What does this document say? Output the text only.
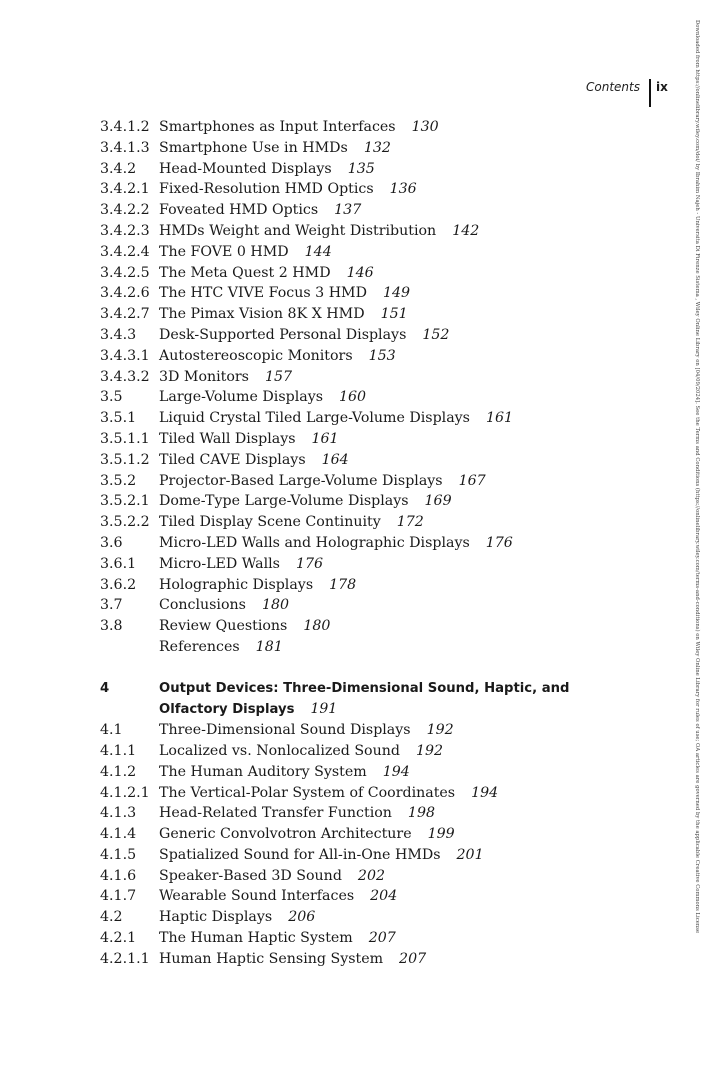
Contents ix	Downloaded from https://onlinelibrary.wiley.com/doi/ by Ibrahim Najeh - Universita Di Firenze Sistema , Wiley Online Library on [04/09/2024]. See the Terms and Conditions (https://onlinelibrary.wiley.com/terms-and-conditions) on Wiley Online Library for rules of use; OA articles are governed by the applicable Creative Commons License
3.4.1.2 Smartphones as Input Interfaces 130
3.4.1.3 Smartphone Use in HMDs 132
3.4.2 Head-Mounted Displays 135
3.4.2.1 Fixed-Resolution HMD Optics 136
3.4.2.2 Foveated HMD Optics 137
3.4.2.3 HMDs Weight and Weight Distribution 142
3.4.2.4 The FOVE 0 HMD 144
3.4.2.5 The Meta Quest 2 HMD 146
3.4.2.6 The HTC VIVE Focus 3 HMD 149
3.4.2.7 The Pimax Vision 8K X HMD 151
3.4.3 Desk-Supported Personal Displays 152
3.4.3.1 Autostereoscopic Monitors 153
3.4.3.2 3D Monitors 157
3.5	Large-Volume Displays 160
3.5.1 Liquid Crystal Tiled Large-Volume Displays 161
3.5.1.1 Tiled Wall Displays 161
3.5.1.2 Tiled CAVE Displays 164
3.5.2 Projector-Based Large-Volume Displays 167
3.5.2.1 Dome-Type Large-Volume Displays 169
3.5.2.2 Tiled Display Scene Continuity 172
3.6	Micro-LED Walls and Holographic Displays 176
3.6.1 Micro-LED Walls 176
3.6.2 Holographic Displays 178
3.7	Conclusions 180
3.8	Review Questions 180
References 181
4	Output Devices: Three-Dimensional Sound, Haptic, and Olfactory Displays 191
4.1	Three-Dimensional Sound Displays 192
4.1.1 Localized vs. Nonlocalized Sound 192
4.1.2 The Human Auditory System 194
4.1.2.1 The Vertical-Polar System of Coordinates 194
4.1.3 Head-Related Transfer Function 198
4.1.4 Generic Convolvotron Architecture 199
4.1.5 Spatialized Sound for All-in-One HMDs 201
4.1.6 Speaker-Based 3D Sound 202
4.1.7 Wearable Sound Interfaces 204
4.2	Haptic Displays 206
4.2.1 The Human Haptic System 207
4.2.1.1 Human Haptic Sensing System 207
